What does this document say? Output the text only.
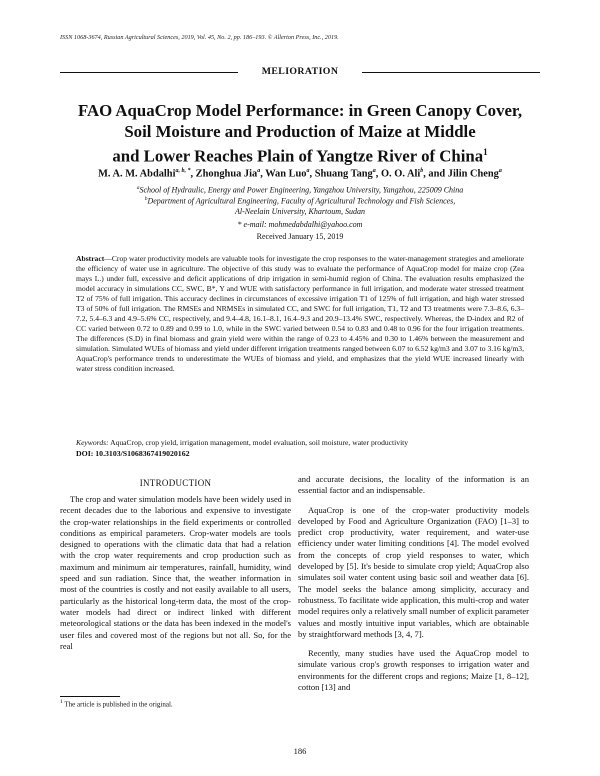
ISSN 1068-3674, Russian Agricultural Sciences, 2019, Vol. 45, No. 2, pp. 186–193. © Allerton Press, Inc., 2019.
MELIORATION
FAO AquaCrop Model Performance: in Green Canopy Cover,
Soil Moisture and Production of Maize at Middle
and Lower Reaches Plain of Yangtze River of China$^1$
M. A. M. Abdalhi$^{a, b, *}$, Zhonghua Jia$^a$, Wan Luo$^a$, Shuang Tang$^a$, O. O. Ali$^b$, and Jilin Cheng$^a$
$^a$School of Hydraulic, Energy and Power Engineering, Yangzhou University, Yangzhou, 225009 China
$^b$Department of Agricultural Engineering, Faculty of Agricultural Technology and Fish Sciences,
Al-Neelain University, Khartoum, Sudan
* e-mail: mohmedabdalhi@yahoo.com
Received January 15, 2019

Abstract—Crop water productivity models are valuable tools for investigate the crop responses to the water-management strategies and ameliorate the efficiency of water use in agriculture. The objective of this study was to evaluate the performance of AquaCrop model for maize crop (Zea mays L.) under full, excessive and deficit applications of drip irrigation in semi-humid region of China. The evaluation results emphasized the model accuracy in simulations CC, SWC, B*, Y and WUE with satisfactory performance in full irrigation, and moderate water stressed treatment T2 of 75% of full irrigation. This accuracy declines in circumstances of excessive irrigation T1 of 125% of full irrigation, and high water stressed T3 of 50% of full irrigation. The RMSEs and NRMSEs in simulated CC, and SWC for full irrigation, T1, T2 and T3 treatments were 7.3–8.6, 6.3–7.2, 5.4–6.3 and 4.9–5.6% CC, respectively, and 9.4–4.8, 16.1–8.1, 16.4–9.3 and 20.9–13.4% SWC, respectively. Whereas, the D-index and R2 of CC varied between 0.72 to 0.89 and 0.99 to 1.0, while in the SWC varied between 0.54 to 0.83 and 0.48 to 0.96 for the four irrigation treatments. The differences (S.D) in final biomass and grain yield were within the range of 0.23 to 4.45% and 0.30 to 1.46% between the measurement and simulation. Simulated WUEs of biomass and yield under different irrigation treatments ranged between 6.07 to 6.52 kg/m3 and 3.07 to 3.16 kg/m3, AquaCrop's performance trends to underestimate the WUEs of biomass and yield, and emphasizes that the yield WUE increased linearly with water stress condition increased.

Keywords: AquaCrop, crop yield, irrigation management, model evaluation, soil moisture, water productivity

DOI: 10.3103/S1068367419020162

INTRODUCTION

The crop and water simulation models have been widely used in recent decades due to the laborious and expensive to investigate the crop-water relationships in the field experiments or controlled conditions as empirical parameters. Crop-water models are tools designed to operations with the climatic data that had a relation with the crop water requirements and crop production such as maximum and minimum air temperatures, rainfall, humidity, wind speed and sun radiation. Since that, the weather information in most of the countries is costly and not easily available to all users, particularly as the historical long-term data, the most of the crop-water models had direct or indirect linked with different meteorological stations or the data has been indexed in the model's user files and covered most of the regions but not all. So, for the real

and accurate decisions, the locality of the information is an essential factor and an indispensable.

AquaCrop is one of the crop-water productivity models developed by Food and Agriculture Organization (FAO) [1–3] to predict crop productivity, water requirement, and water-use efficiency under water limiting conditions [4]. The model evolved from the concepts of crop yield responses to water, which developed by [5]. It's beside to simulate crop yield; AquaCrop also simulates soil water content using basic soil and weather data [6]. The model seeks the balance among simplicity, accuracy and robustness. To facilitate wide application, this multi-crop and water model requires only a relatively small number of explicit parameter values and mostly intuitive input variables, which are obtainable by straightforward methods [3, 4, 7].

Recently, many studies have used the AquaCrop model to simulate various crop's growth responses to irrigation water and environments for the different crops and regions; Maize [1, 8–12], cotton [13] and

$^1$ The article is published in the original.
186
